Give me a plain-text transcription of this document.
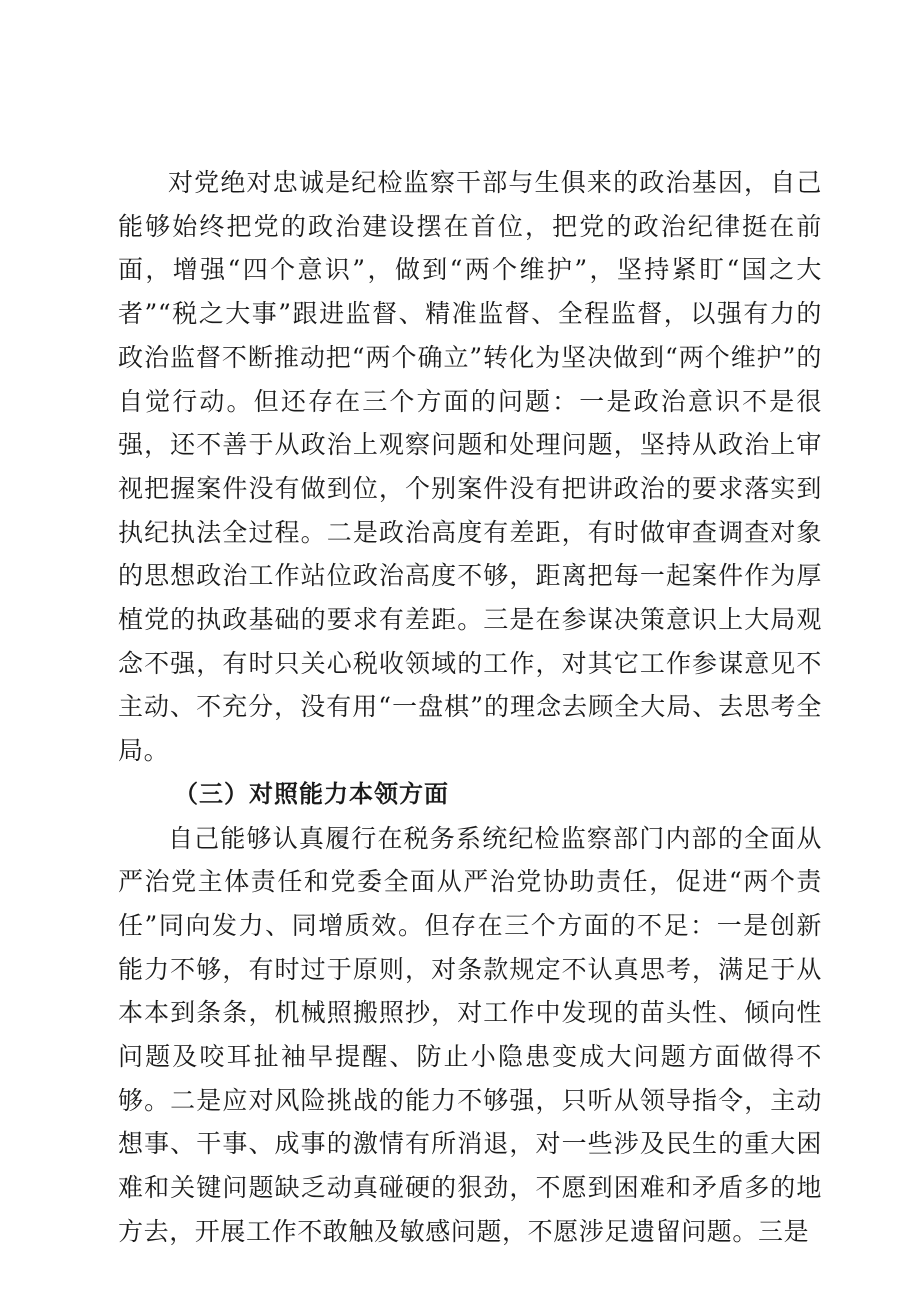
对党绝对忠诚是纪检监察干部与生俱来的政治基因，自己能够始终把党的政治建设摆在首位，把党的政治纪律挺在前面，增强“四个意识”，做到“两个维护”，坚持紧盯“国之大者”“税之大事”跟进监督、精准监督、全程监督，以强有力的政治监督不断推动把“两个确立”转化为坚决做到“两个维护”的自觉行动。但还存在三个方面的问题：一是政治意识不是很强，还不善于从政治上观察问题和处理问题，坚持从政治上审视把握案件没有做到位，个别案件没有把讲政治的要求落实到执纪执法全过程。二是政治高度有差距，有时做审查调查对象的思想政治工作站位政治高度不够，距离把每一起案件作为厚植党的执政基础的要求有差距。三是在参谋决策意识上大局观念不强，有时只关心税收领域的工作，对其它工作参谋意见不主动、不充分，没有用“一盘棋”的理念去顾全大局、去思考全局。

（三）对照能力本领方面

自己能够认真履行在税务系统纪检监察部门内部的全面从严治党主体责任和党委全面从严治党协助责任，促进“两个责任”同向发力、同增质效。但存在三个方面的不足：一是创新能力不够，有时过于原则，对条款规定不认真思考，满足于从本本到条条，机械照搬照抄，对工作中发现的苗头性、倾向性问题及咬耳扯袖早提醒、防止小隐患变成大问题方面做得不够。二是应对风险挑战的能力不够强，只听从领导指令，主动想事、干事、成事的激情有所消退，对一些涉及民生的重大困难和关键问题缺乏动真碰硬的狠劲，不愿到困难和矛盾多的地方去，开展工作不敢触及敏感问题，不愿涉足遗留问题。三是
